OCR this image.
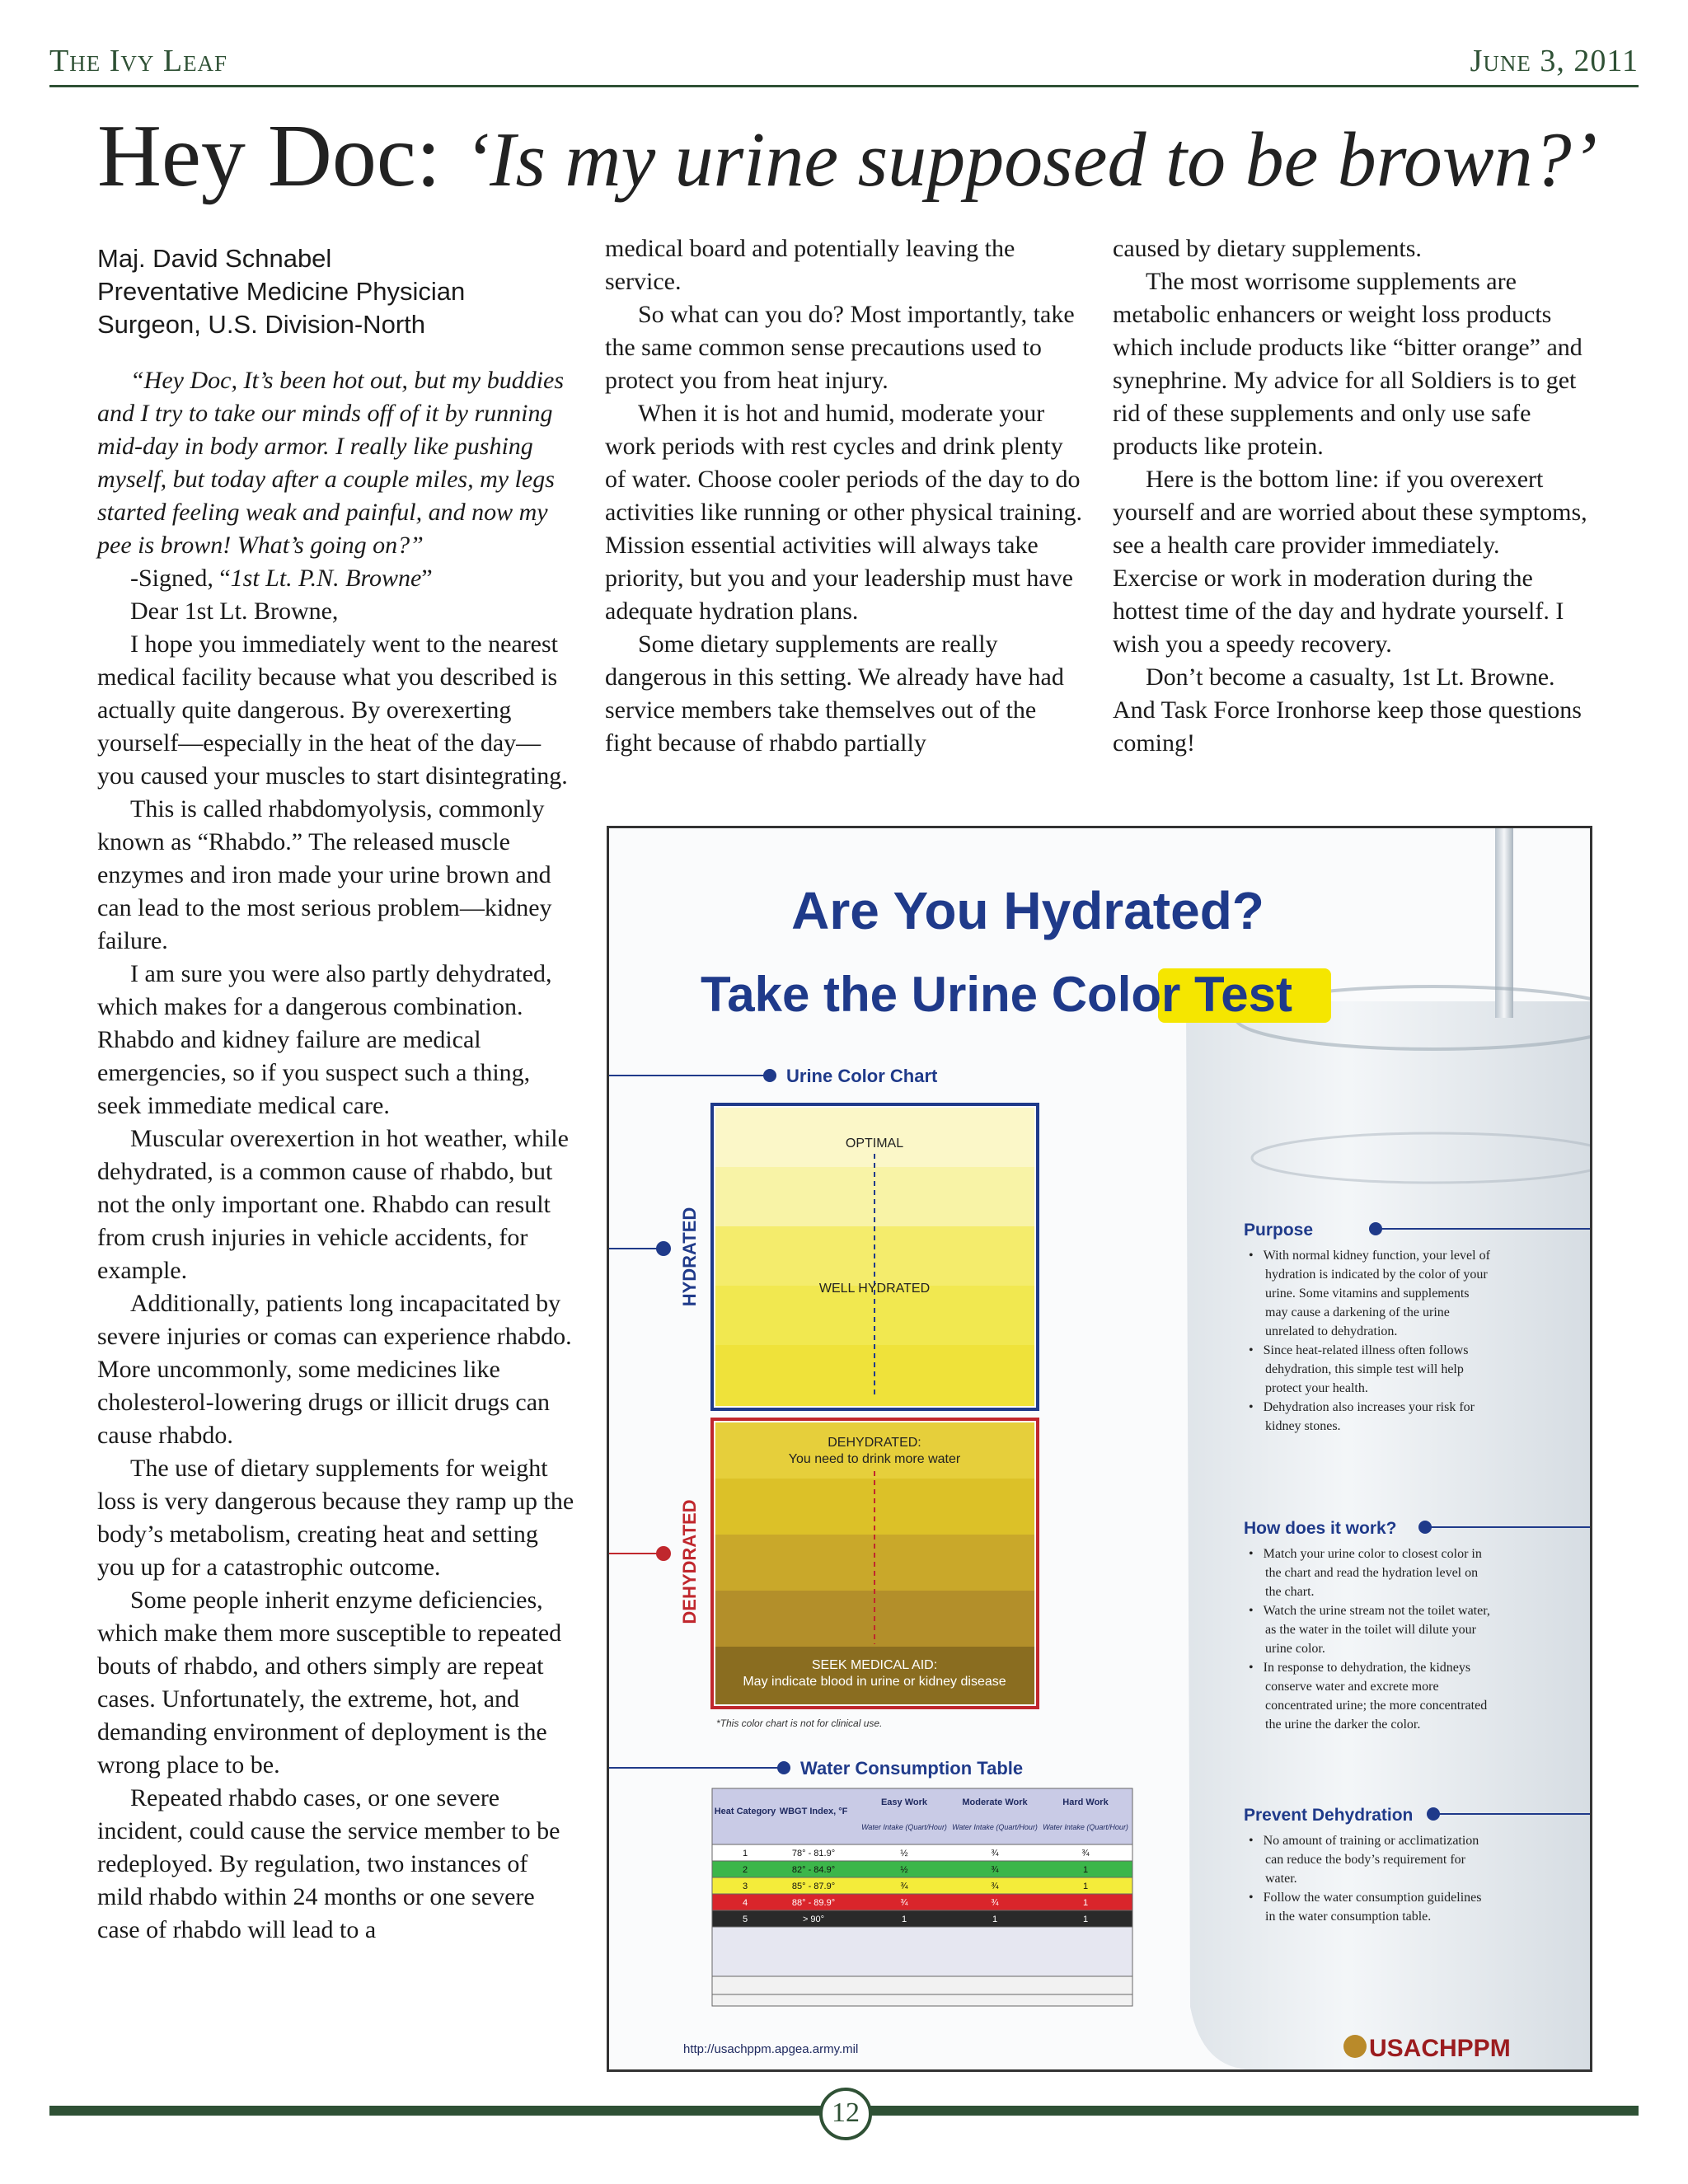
The Ivy Leaf	June 3, 2011
Hey Doc: ‘Is my urine supposed to be brown?’
Maj. David Schnabel
Preventative Medicine Physician
Surgeon, U.S. Division-North

“Hey Doc, It’s been hot out, but my buddies and I try to take our minds off of it by running mid-day in body armor. I really like pushing myself, but today after a couple miles, my legs started feeling weak and painful, and now my pee is brown! What’s going on?”

-Signed, “1st Lt. P.N. Browne”

Dear 1st Lt. Browne,

I hope you immediately went to the nearest medical facility because what you described is actually quite dangerous. By overexerting yourself—especially in the heat of the day—you caused your muscles to start disintegrating.

This is called rhabdomyolysis, commonly known as “Rhabdo.” The released muscle enzymes and iron made your urine brown and can lead to the most serious problem—kidney failure.

I am sure you were also partly dehydrated, which makes for a dangerous combination. Rhabdo and kidney failure are medical emergencies, so if you suspect such a thing, seek immediate medical care.

Muscular overexertion in hot weather, while dehydrated, is a common cause of rhabdo, but not the only important one. Rhabdo can result from crush injuries in vehicle accidents, for example.

Additionally, patients long incapacitated by severe injuries or comas can experience rhabdo. More uncommonly, some medicines like cholesterol-lowering drugs or illicit drugs can cause rhabdo.

The use of dietary supplements for weight loss is very dangerous because they ramp up the body’s metabolism, creating heat and setting you up for a catastrophic outcome.

Some people inherit enzyme deficiencies, which make them more susceptible to repeated bouts of rhabdo, and others simply are repeat cases. Unfortunately, the extreme, hot, and demanding environment of deployment is the wrong place to be.

Repeated rhabdo cases, or one severe incident, could cause the service member to be redeployed. By regulation, two instances of mild rhabdo within 24 months or one severe case of rhabdo will lead to a

medical board and potentially leaving the service.

So what can you do? Most importantly, take the same common sense precautions used to protect you from heat injury.

When it is hot and humid, moderate your work periods with rest cycles and drink plenty of water. Choose cooler periods of the day to do activities like running or other physical training. Mission essential activities will always take priority, but you and your leadership must have adequate hydration plans.

Some dietary supplements are really dangerous in this setting. We already have had service members take themselves out of the fight because of rhabdo partially

caused by dietary supplements.

The most worrisome supplements are metabolic enhancers or weight loss products which include products like “bitter orange” and synephrine. My advice for all Soldiers is to get rid of these supplements and only use safe products like protein.

Here is the bottom line: if you overexert yourself and are worried about these symptoms, see a health care provider immediately. Exercise or work in moderation during the hottest time of the day and hydrate yourself. I wish you a speedy recovery.

Don’t become a casualty, 1st Lt. Browne. And Task Force Ironhorse keep those questions coming!

Are You Hydrated?
Take the Urine Color Test
Urine Color Chart
OPTIMAL
WELL HYDRATED
HYDRATED
DEHYDRATED:
You need to drink more water
SEEK MEDICAL AID:
May indicate blood in urine or kidney disease
DEHYDRATED
*This color chart is not for clinical use.
Water Consumption Table
Heat Category WBGT Index, °F
Easy Work	Moderate Work	Hard Work
Water Intake (Quart/Hour) Water Intake (Quart/Hour) Water Intake (Quart/Hour)
1	78° - 81.9°	½	¾	¾
2	82° - 84.9°	½	¾	1
3	85° - 87.9°	¾	¾	1
4	88° - 89.9°	¾	¾	1
5	> 90°	1	1	1
Purpose
•   With normal kidney function, your level of hydration is indicated by the color of your urine. Some vitamins and supplements may cause a darkening of the urine unrelated to dehydration.
•   Since heat-related illness often follows dehydration, this simple test will help protect your health.
•   Dehydration also increases your risk for kidney stones.
How does it work?
•   Match your urine color to closest color in the chart and read the hydration level on the chart.
•   Watch the urine stream not the toilet water, as the water in the toilet will dilute your urine color.
•   In response to dehydration, the kidneys conserve water and excrete more concentrated urine; the more concentrated the urine the darker the color.
Prevent Dehydration
•   No amount of training or acclimatization can reduce the body’s requirement for water.
•   Follow the water consumption guidelines in the water consumption table.
http://usachppm.apgea.army.mil	USACHPPM
12
